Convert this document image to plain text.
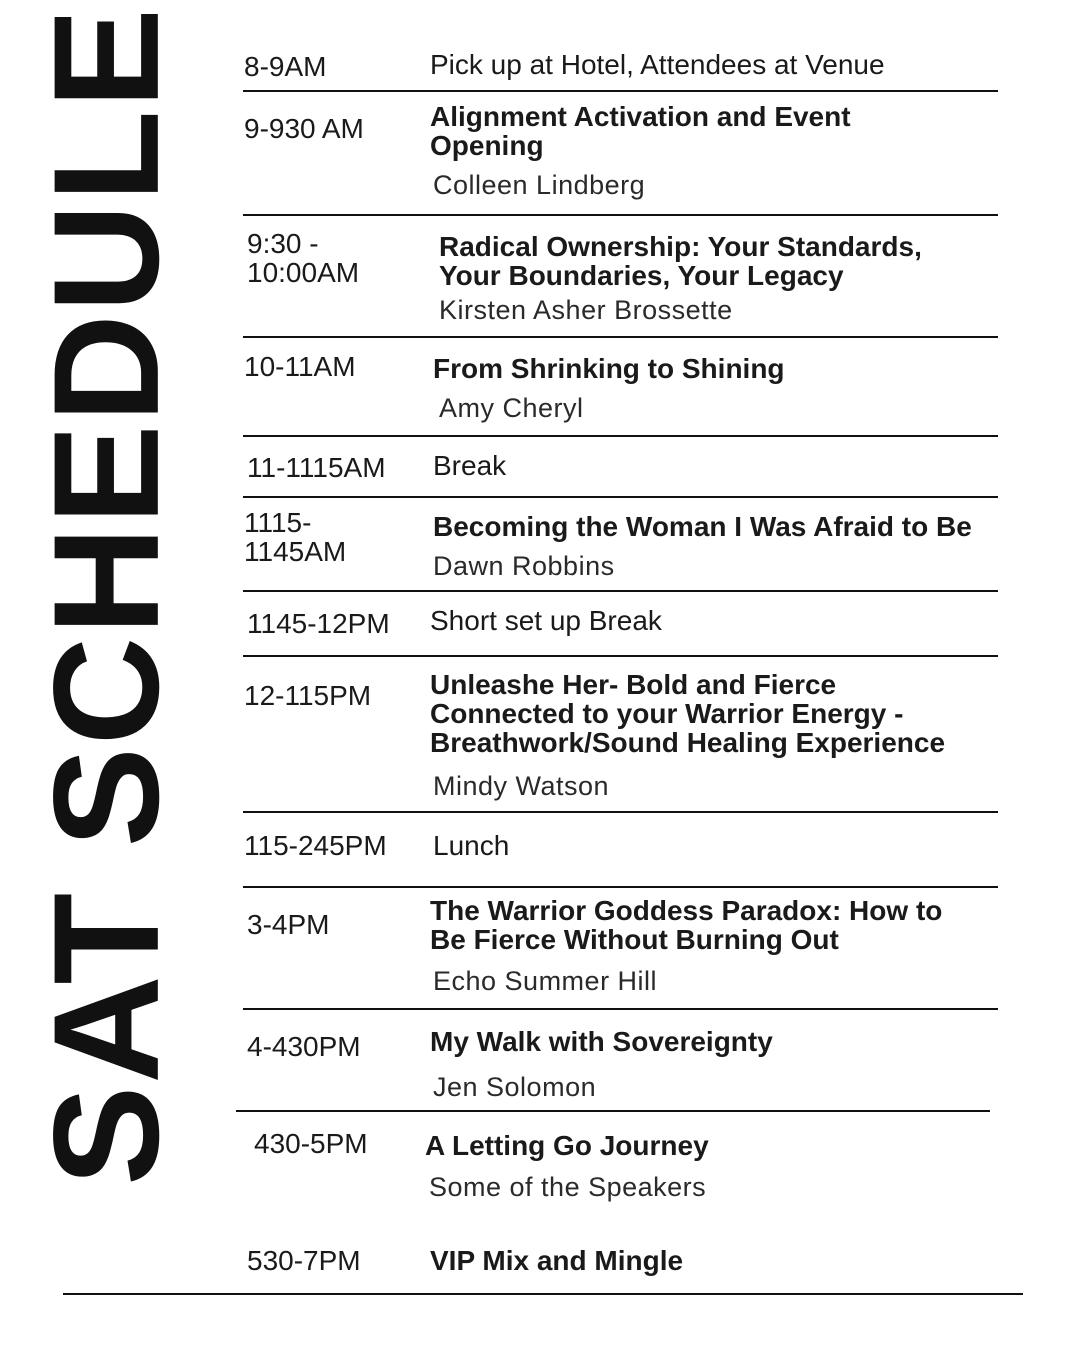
SAT SCHEDULE 8-9AM	Pick up at Hotel, Attendees at Venue
9-930 AM Alignment Activation and Event
Opening
Colleen Lindberg
9:30 -
10:00AM
Radical Ownership: Your Standards,
Your Boundaries, Your Legacy
Kirsten Asher Brossette
10-11AM	From Shrinking to Shining
Amy Cheryl
11-1115AM Break
1115-
1145AM
Becoming the Woman I Was Afraid to Be
Dawn Robbins
1145-12PM Short set up Break
12-115PM Unleashe Her- Bold and Fierce
Connected to your Warrior Energy -
Breathwork/Sound Healing Experience
Mindy Watson
115-245PM Lunch
3-4PM	The Warrior Goddess Paradox: How to
Be Fierce Without Burning Out
Echo Summer Hill
4-430PM My Walk with Sovereignty
Jen Solomon
430-5PM A Letting Go Journey
Some of the Speakers
530-7PM VIP Mix and Mingle
